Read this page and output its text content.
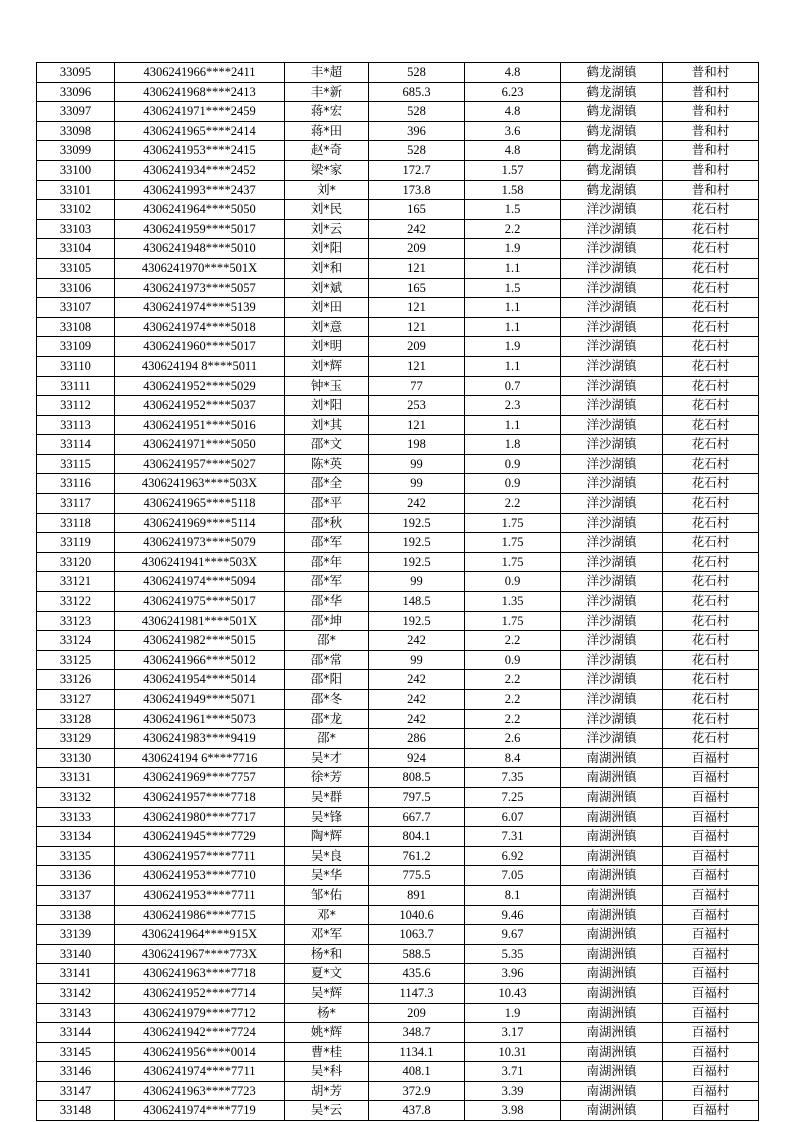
33095	4306241966****2411	丰*超	528	4.8	鹤龙湖镇	普和村
33096	4306241968****2413	丰*新	685.3	6.23	鹤龙湖镇	普和村
33097	4306241971****2459	蒋*宏	528	4.8	鹤龙湖镇	普和村
33098	4306241965****2414	蒋*田	396	3.6	鹤龙湖镇	普和村
33099	4306241953****2415	赵*奇	528	4.8	鹤龙湖镇	普和村
33100	4306241934****2452	梁*家	172.7	1.57	鹤龙湖镇	普和村
33101	4306241993****2437	刘*	173.8	1.58	鹤龙湖镇	普和村
33102	4306241964****5050	刘*民	165	1.5	洋沙湖镇	花石村
33103	4306241959****5017	刘*云	242	2.2	洋沙湖镇	花石村
33104	4306241948****5010	刘*阳	209	1.9	洋沙湖镇	花石村
33105	4306241970****501X	刘*和	121	1.1	洋沙湖镇	花石村
33106	4306241973****5057	刘*斌	165	1.5	洋沙湖镇	花石村
33107	4306241974****5139	刘*田	121	1.1	洋沙湖镇	花石村
33108	4306241974****5018	刘*意	121	1.1	洋沙湖镇	花石村
33109	4306241960****5017	刘*明	209	1.9	洋沙湖镇	花石村
33110	430624194 8****5011	刘*辉	121	1.1	洋沙湖镇	花石村
33111	4306241952****5029	钟*玉	77	0.7	洋沙湖镇	花石村
33112	4306241952****5037	刘*阳	253	2.3	洋沙湖镇	花石村
33113	4306241951****5016	刘*其	121	1.1	洋沙湖镇	花石村
33114	4306241971****5050	邵*文	198	1.8	洋沙湖镇	花石村
33115	4306241957****5027	陈*英	99	0.9	洋沙湖镇	花石村
33116	4306241963****503X	邵*全	99	0.9	洋沙湖镇	花石村
33117	4306241965****5118	邵*平	242	2.2	洋沙湖镇	花石村
33118	4306241969****5114	邵*秋	192.5	1.75	洋沙湖镇	花石村
33119	4306241973****5079	邵*军	192.5	1.75	洋沙湖镇	花石村
33120	4306241941****503X	邵*年	192.5	1.75	洋沙湖镇	花石村
33121	4306241974****5094	邵*军	99	0.9	洋沙湖镇	花石村
33122	4306241975****5017	邵*华	148.5	1.35	洋沙湖镇	花石村
33123	4306241981****501X	邵*坤	192.5	1.75	洋沙湖镇	花石村
33124	4306241982****5015	邵*	242	2.2	洋沙湖镇	花石村
33125	4306241966****5012	邵*常	99	0.9	洋沙湖镇	花石村
33126	4306241954****5014	邵*阳	242	2.2	洋沙湖镇	花石村
33127	4306241949****5071	邵*冬	242	2.2	洋沙湖镇	花石村
33128	4306241961****5073	邵*龙	242	2.2	洋沙湖镇	花石村
33129	4306241983****9419	邵*	286	2.6	洋沙湖镇	花石村
33130	430624194 6****7716	吴*才	924	8.4	南湖洲镇	百福村
33131	4306241969****7757	徐*芳	808.5	7.35	南湖洲镇	百福村
33132	4306241957****7718	吴*群	797.5	7.25	南湖洲镇	百福村
33133	4306241980****7717	吴*锋	667.7	6.07	南湖洲镇	百福村
33134	4306241945****7729	陶*辉	804.1	7.31	南湖洲镇	百福村
33135	4306241957****7711	吴*良	761.2	6.92	南湖洲镇	百福村
33136	4306241953****7710	吴*华	775.5	7.05	南湖洲镇	百福村
33137	4306241953****7711	邹*佑	891	8.1	南湖洲镇	百福村
33138	4306241986****7715	邓*	1040.6	9.46	南湖洲镇	百福村
33139	4306241964****915X	邓*军	1063.7	9.67	南湖洲镇	百福村
33140	4306241967****773X	杨*和	588.5	5.35	南湖洲镇	百福村
33141	4306241963****7718	夏*文	435.6	3.96	南湖洲镇	百福村
33142	4306241952****7714	吴*辉	1147.3	10.43	南湖洲镇	百福村
33143	4306241979****7712	杨*	209	1.9	南湖洲镇	百福村
33144	4306241942****7724	姚*辉	348.7	3.17	南湖洲镇	百福村
33145	4306241956****0014	曹*桂	1134.1	10.31	南湖洲镇	百福村
33146	4306241974****7711	吴*科	408.1	3.71	南湖洲镇	百福村
33147	4306241963****7723	胡*芳	372.9	3.39	南湖洲镇	百福村
33148	4306241974****7719	吴*云	437.8	3.98	南湖洲镇	百福村
